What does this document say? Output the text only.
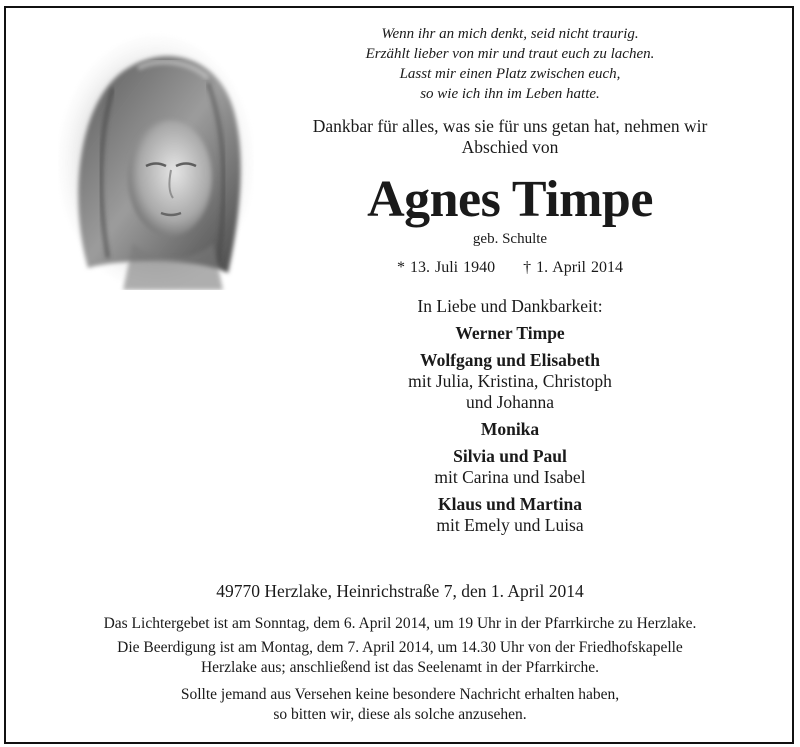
Wenn ihr an mich denkt, seid nicht traurig.
Erzählt lieber von mir und traut euch zu lachen.
Lasst mir einen Platz zwischen euch,
so wie ich ihn im Leben hatte.
Dankbar für alles, was sie für uns getan hat, nehmen wir
Abschied von
Agnes Timpe
geb. Schulte
* 13. Juli 1940 † 1. April 2014
In Liebe und Dankbarkeit:
Werner Timpe
Wolfgang und Elisabeth
mit Julia, Kristina, Christoph
und Johanna
Monika
Silvia und Paul
mit Carina und Isabel
Klaus und Martina
mit Emely und Luisa
49770 Herzlake, Heinrichstraße 7, den 1. April 2014
Das Lichtergebet ist am Sonntag, dem 6. April 2014, um 19 Uhr in der Pfarrkirche zu Herzlake.
Die Beerdigung ist am Montag, dem 7. April 2014, um 14.30 Uhr von der Friedhofskapelle
Herzlake aus; anschließend ist das Seelenamt in der Pfarrkirche.
Sollte jemand aus Versehen keine besondere Nachricht erhalten haben,
so bitten wir, diese als solche anzusehen.
